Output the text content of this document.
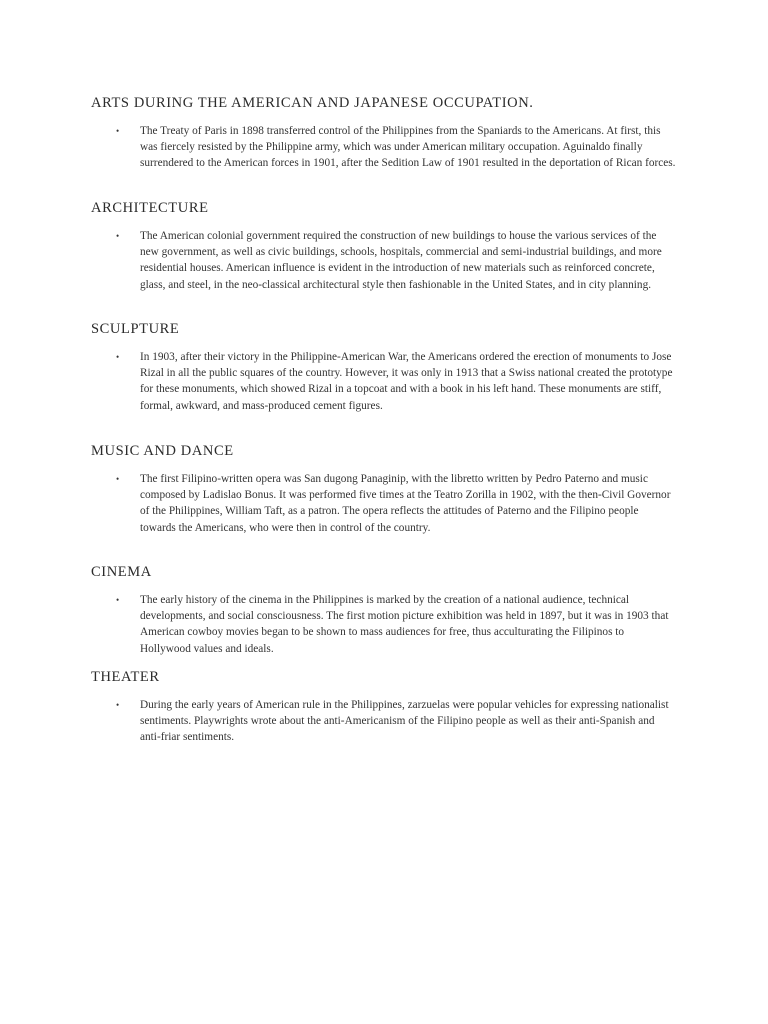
ARTS DURING THE AMERICAN AND JAPANESE OCCUPATION.
• The Treaty of Paris in 1898 transferred control of the Philippines from the Spaniards to the Americans. At first, this was fiercely resisted by the Philippine army, which was under American military occupation. Aguinaldo finally surrendered to the American forces in 1901, after the Sedition Law of 1901 resulted in the deportation of Rican forces.

ARCHITECTURE
• The American colonial government required the construction of new buildings to house the various services of the new government, as well as civic buildings, schools, hospitals, commercial and semi-industrial buildings, and more residential houses. American influence is evident in the introduction of new materials such as reinforced concrete, glass, and steel, in the neo-classical architectural style then fashionable in the United States, and in city planning.

SCULPTURE
• In 1903, after their victory in the Philippine-American War, the Americans ordered the erection of monuments to Jose Rizal in all the public squares of the country. However, it was only in 1913 that a Swiss national created the prototype for these monuments, which showed Rizal in a topcoat and with a book in his left hand. These monuments are stiff, formal, awkward, and mass-produced cement figures.

MUSIC AND DANCE
• The first Filipino-written opera was San dugong Panaginip, with the libretto written by Pedro Paterno and music composed by Ladislao Bonus. It was performed five times at the Teatro Zorilla in 1902, with the then-Civil Governor of the Philippines, William Taft, as a patron. The opera reflects the attitudes of Paterno and the Filipino people towards the Americans, who were then in control of the country.

CINEMA
• The early history of the cinema in the Philippines is marked by the creation of a national audience, technical developments, and social consciousness. The first motion picture exhibition was held in 1897, but it was in 1903 that American cowboy movies began to be shown to mass audiences for free, thus acculturating the Filipinos to Hollywood values and ideals.

THEATER
• During the early years of American rule in the Philippines, zarzuelas were popular vehicles for expressing nationalist sentiments. Playwrights wrote about the anti-Americanism of the Filipino people as well as their anti-Spanish and anti-friar sentiments.
